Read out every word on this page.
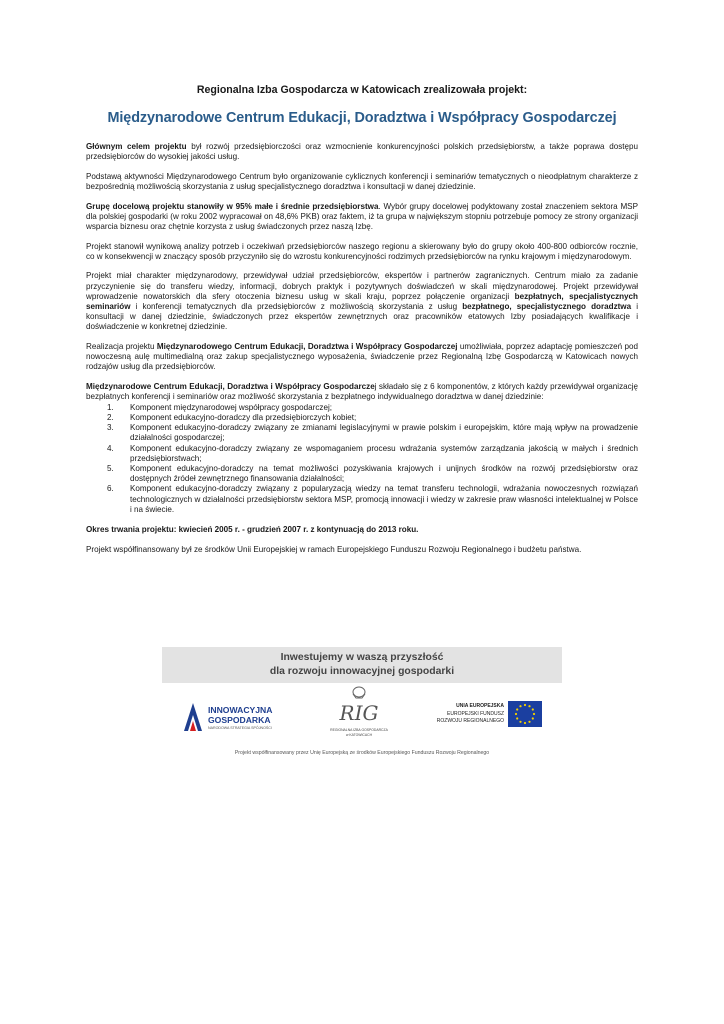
Regionalna Izba Gospodarcza w Katowicach zrealizowała projekt:
Międzynarodowe Centrum Edukacji, Doradztwa i Współpracy Gospodarczej

Głównym celem projektu był rozwój przedsiębiorczości oraz wzmocnienie konkurencyjności polskich przedsiębiorstw, a także poprawa dostępu przedsiębiorców do wysokiej jakości usług.

Podstawą aktywności Międzynarodowego Centrum było organizowanie cyklicznych konferencji i seminariów tematycznych o nieodpłatnym charakterze z bezpośrednią możliwością skorzystania z usług specjalistycznego doradztwa i konsultacji w danej dziedzinie.

Grupę docelową projektu stanowiły w 95% małe i średnie przedsiębiorstwa. Wybór grupy docelowej podyktowany został znaczeniem sektora MSP dla polskiej gospodarki (w roku 2002 wypracował on 48,6% PKB) oraz faktem, iż ta grupa w największym stopniu potrzebuje pomocy ze strony organizacji wsparcia biznesu oraz chętnie korzysta z usług świadczonych przez naszą Izbę.

Projekt stanowił wynikową analizy potrzeb i oczekiwań przedsiębiorców naszego regionu a skierowany było do grupy około 400-800 odbiorców rocznie, co w konsekwencji w znaczący sposób przyczyniło się do wzrostu konkurencyjności rodzimych przedsiębiorców na rynku krajowym i międzynarodowym.

Projekt miał charakter międzynarodowy, przewidywał udział przedsiębiorców, ekspertów i partnerów zagranicznych. Centrum miało za zadanie przyczynienie się do transferu wiedzy, informacji, dobrych praktyk i pozytywnych doświadczeń w skali międzynarodowej. Projekt przewidywał wprowadzenie nowatorskich dla sfery otoczenia biznesu usług w skali kraju, poprzez połączenie organizacji bezpłatnych, specjalistycznych seminariów i konferencji tematycznych dla przedsiębiorców z możliwością skorzystania z usług bezpłatnego, specjalistycznego doradztwa i konsultacji w danej dziedzinie, świadczonych przez ekspertów zewnętrznych oraz pracowników etatowych Izby posiadających kwalifikacje i doświadczenie w konkretnej dziedzinie.

Realizacja projektu Międzynarodowego Centrum Edukacji, Doradztwa i Współpracy Gospodarczej umożliwiała, poprzez adaptację pomieszczeń pod nowoczesną aulę multimedialną oraz zakup specjalistycznego wyposażenia, świadczenie przez Regionalną Izbę Gospodarczą w Katowicach nowych rodzajów usług dla przedsiębiorców.

Międzynarodowe Centrum Edukacji, Doradztwa i Współpracy Gospodarczej składało się z 6 komponentów, z których każdy przewidywał organizację bezpłatnych konferencji i seminariów oraz możliwość skorzystania z bezpłatnego indywidualnego doradztwa w danej dziedzinie:

1.	Komponent międzynarodowej współpracy gospodarczej;
2.	Komponent edukacyjno-doradczy dla przedsiębiorczych kobiet;
3.	Komponent edukacyjno-doradczy związany ze zmianami legislacyjnymi w prawie polskim i europejskim, które mają wpływ na prowadzenie działalności gospodarczej;
4.	Komponent edukacyjno-doradczy związany ze wspomaganiem procesu wdrażania systemów zarządzania jakością w małych i średnich przedsiębiorstwach;
5.	Komponent edukacyjno-doradczy na temat możliwości pozyskiwania krajowych i unijnych środków na rozwój przedsiębiorstw oraz dostępnych źródeł zewnętrznego finansowania działalności;
6.	Komponent edukacyjno-doradczy związany z popularyzacją wiedzy na temat transferu technologii, wdrażania nowoczesnych rozwiązań technologicznych w działalności przedsiębiorstw sektora MSP, promocją innowacji i wiedzy w zakresie praw własności intelektualnej w Polsce i na świecie.

Okres trwania projektu: kwiecień 2005 r. - grudzień 2007 r. z kontynuacją do 2013 roku.

Projekt współfinansowany był ze środków Unii Europejskiej w ramach Europejskiego Funduszu Rozwoju Regionalnego i budżetu państwa.

Inwestujemy w waszą przyszłość
dla rozwoju innowacyjnej gospodarki
INNOWACYJNA
GOSPODARKA
NARODOWA STRATEGIA SPÓJNOŚCI
RIG
REGIONALNA IZBA GOSPODARCZA
w KATOWICACH
UNIA EUROPEJSKA
EUROPEJSKI FUNDUSZ
ROZWOJU REGIONALNEGO
Projekt współfinansowany przez Unię Europejską ze środków Europejskiego Funduszu Rozwoju Regionalnego
